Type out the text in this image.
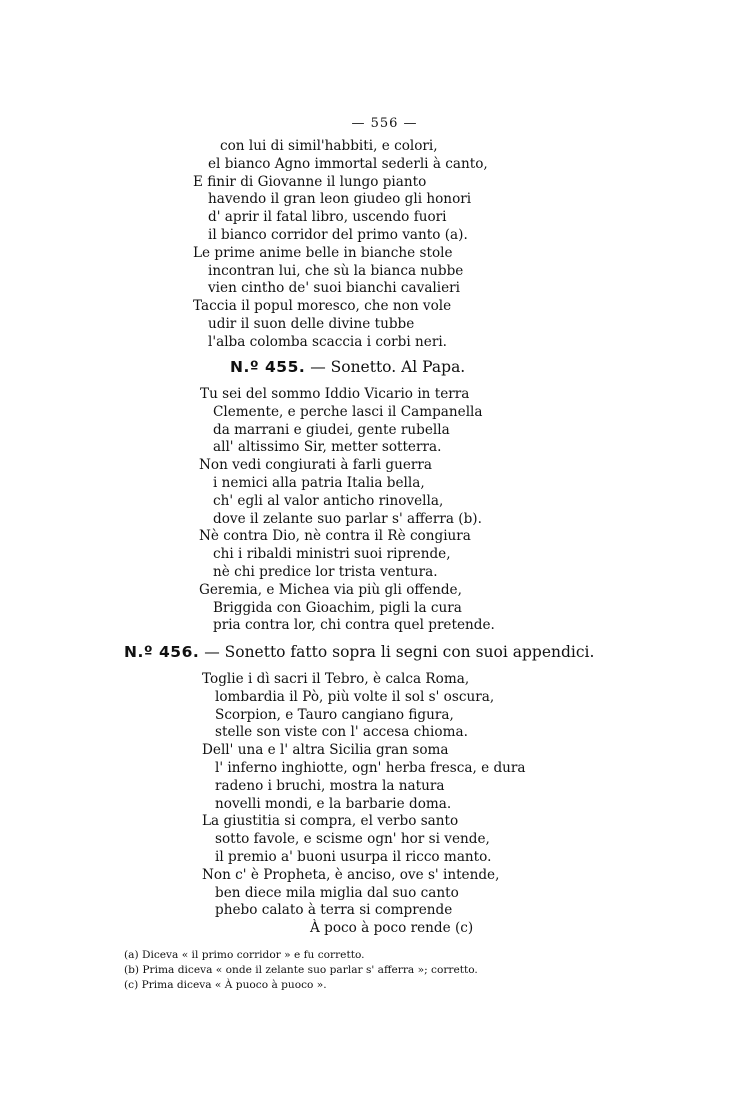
— 556 —
con lui di simil'habbiti, e colori,
el bianco Agno immortal sederli à canto,
E finir di Giovanne il lungo pianto
havendo il gran leon giudeo gli honori
d' aprir il fatal libro, uscendo fuori
il bianco corridor del primo vanto (a).
Le prime anime belle in bianche stole
incontran lui, che sù la bianca nubbe
vien cintho de' suoi bianchi cavalieri
Taccia il popul moresco, che non vole
udir il suon delle divine tubbe
l'alba colomba scaccia i corbi neri.
N.º 455. — Sonetto. Al Papa.
Tu sei del sommo Iddio Vicario in terra
Clemente, e perche lasci il Campanella
da marrani e giudei, gente rubella
all' altissimo Sir, metter sotterra.
Non vedi congiurati à farli guerra
i nemici alla patria Italia bella,
ch' egli al valor anticho rinovella,
dove il zelante suo parlar s' afferra (b).
Nè contra Dio, nè contra il Rè congiura
chi i ribaldi ministri suoi riprende,
nè chi predice lor trista ventura.
Geremia, e Michea via più gli offende,
Briggida con Gioachim, pigli la cura
pria contra lor, chi contra quel pretende.
N.º 456. — Sonetto fatto sopra li segni con suoi appendici.
Toglie i dì sacri il Tebro, è calca Roma,
lombardia il Pò, più volte il sol s' oscura,
Scorpion, e Tauro cangiano figura,
stelle son viste con l' accesa chioma.
Dell' una e l' altra Sicilia gran soma
l' inferno inghiotte, ogn' herba fresca, e dura
radeno i bruchi, mostra la natura
novelli mondi, e la barbarie doma.
La giustitia si compra, el verbo santo
sotto favole, e scisme ogn' hor si vende,
il premio a' buoni usurpa il ricco manto.
Non c' è Propheta, è anciso, ove s' intende,
ben diece mila miglia dal suo canto
phebo calato à terra si comprende
À poco à poco rende (c)
(a) Diceva « il primo corridor » e fu corretto.
(b) Prima diceva « onde il zelante suo parlar s' afferra »; corretto.
(c) Prima diceva « À puoco à puoco ».
